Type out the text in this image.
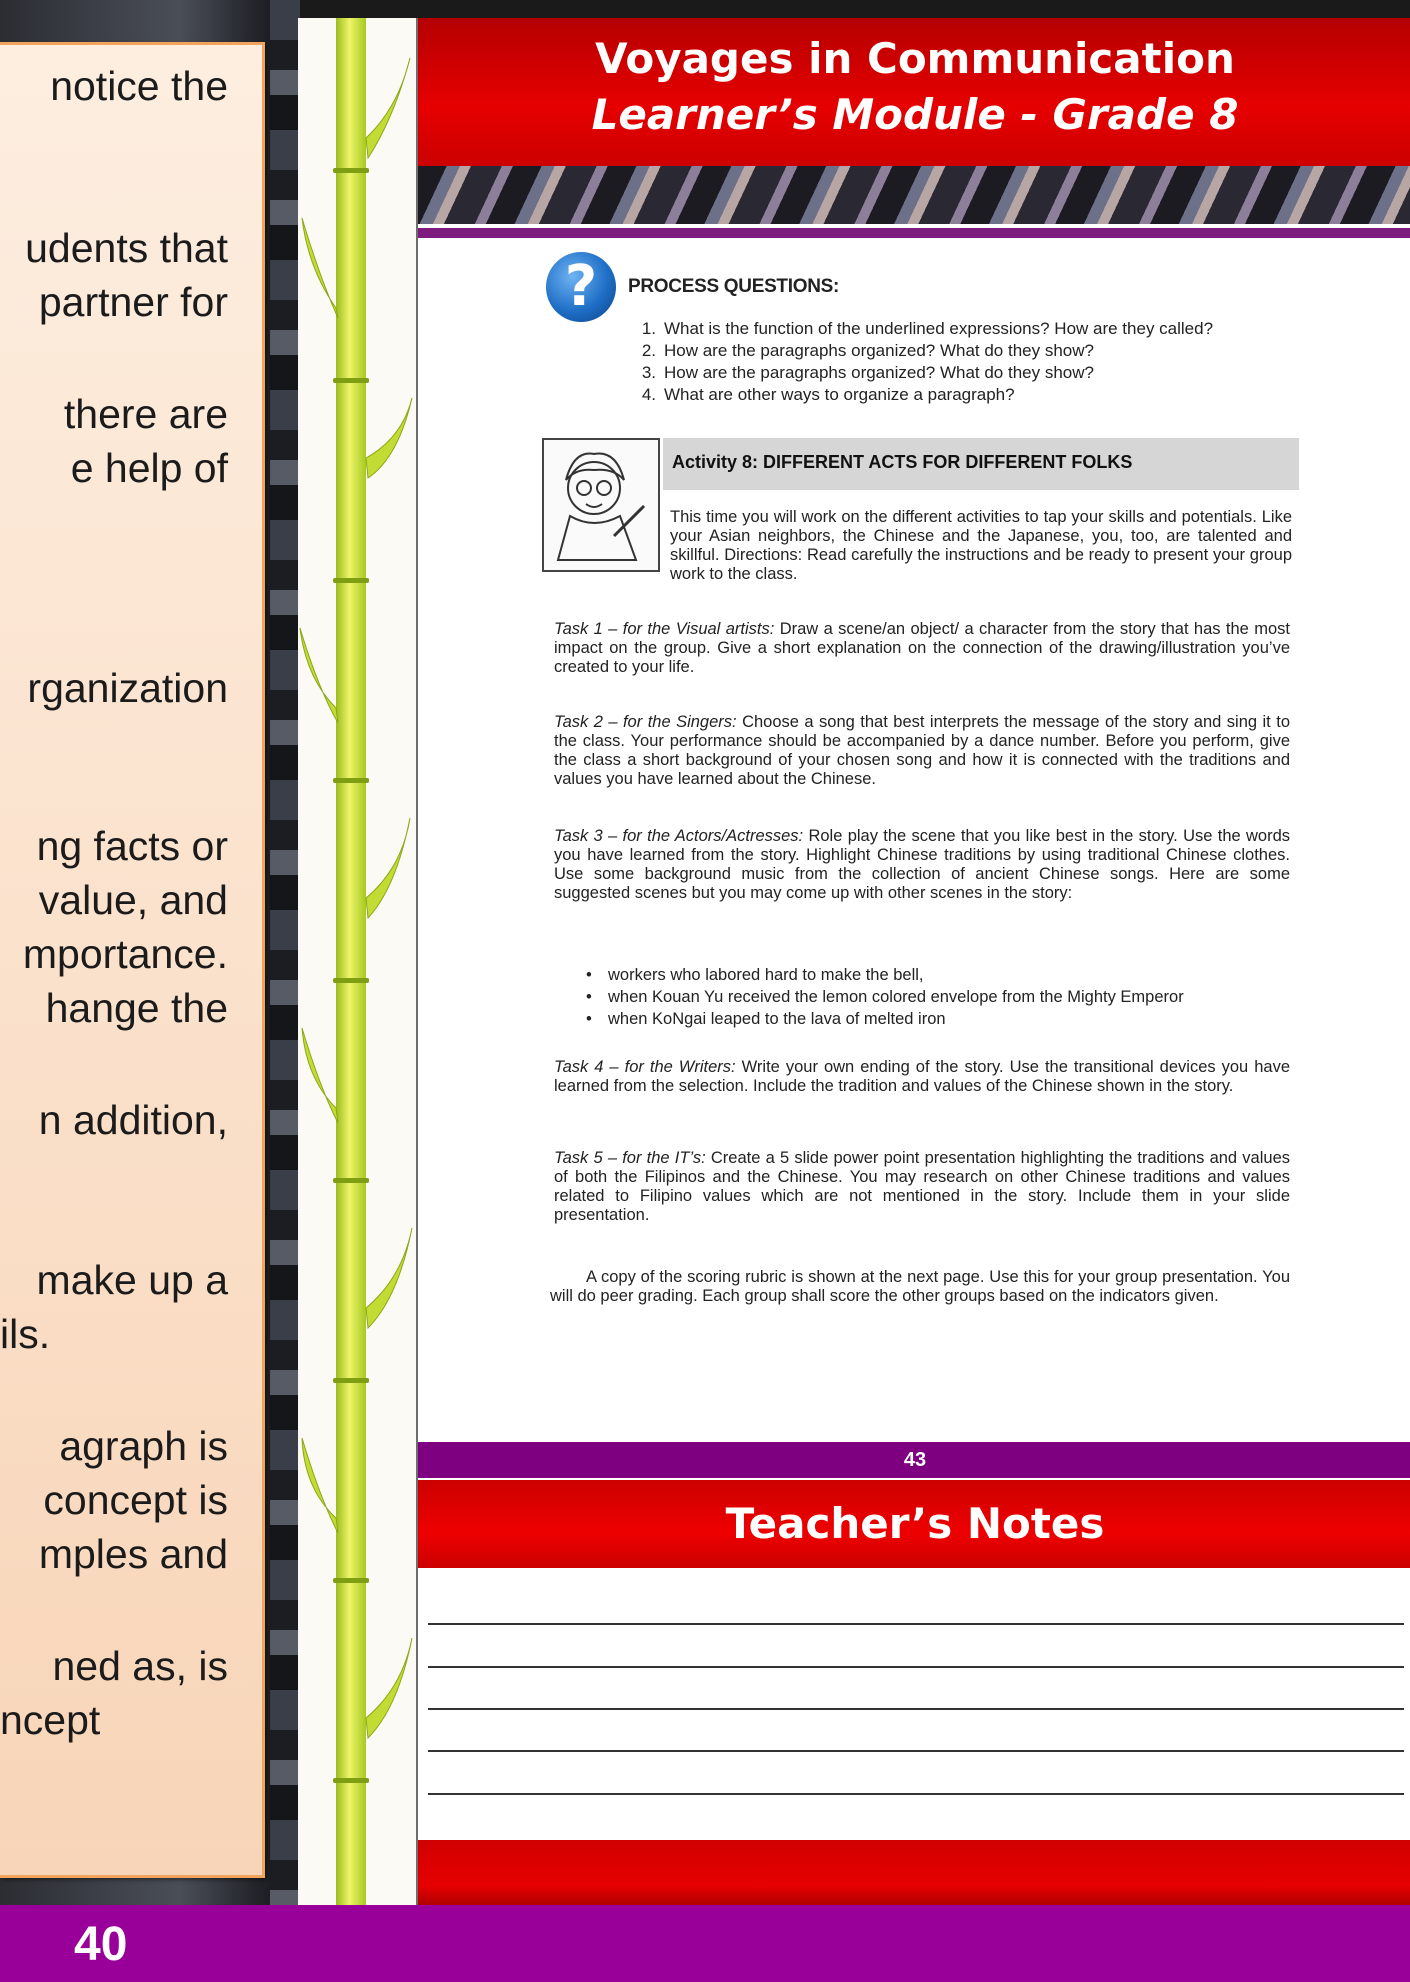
notice the
udents that
partner for
there are
e help of
rganization
ng facts or
value, and
mportance.
hange the
n addition,
make up a
ils.
agraph is
concept is
mples and
ned as, is
ncept
Voyages in Communication
Learner’s Module - Grade 8
?	PROCESS QUESTIONS:
1. What is the function of the underlined expressions? How are they called?
2. How are the paragraphs organized? What do they show?
3. How are the paragraphs organized? What do they show?
4. What are other ways to organize a paragraph?
Activity 8: DIFFERENT ACTS FOR DIFFERENT FOLKS
This time you will work on the different activities to tap your skills and potentials. Like your Asian neighbors, the Chinese and the Japanese, you, too, are talented and skillful. Directions: Read carefully the instructions and be ready to present your group work to the class.
Task 1 – for the Visual artists: Draw a scene/an object/ a character from the story that has the most impact on the group. Give a short explanation on the connection of the drawing/illustration you’ve created to your life.
Task 2 – for the Singers: Choose a song that best interprets the message of the story and sing it to the class. Your performance should be accompanied by a dance number. Before you perform, give the class a short background of your chosen song and how it is connected with the traditions and values you have learned about the Chinese.
Task 3 – for the Actors/Actresses: Role play the scene that you like best in the story. Use the words you have learned from the story. Highlight Chinese traditions by using traditional Chinese clothes. Use some background music from the collection of ancient Chinese songs. Here are some suggested scenes but you may come up with other scenes in the story:
• workers who labored hard to make the bell,
• when Kouan Yu received the lemon colored envelope from the Mighty Emperor
• when KoNgai leaped to the lava of melted iron
Task 4 – for the Writers: Write your own ending of the story. Use the transitional devices you have learned from the selection. Include the tradition and values of the Chinese shown in the story.
Task 5 – for the IT’s: Create a 5 slide power point presentation highlighting the traditions and values of both the Filipinos and the Chinese. You may research on other Chinese traditions and values related to Filipino values which are not mentioned in the story. Include them in your slide presentation.
A copy of the scoring rubric is shown at the next page. Use this for your group presentation. You will do peer grading. Each group shall score the other groups based on the indicators given.
43
Teacher’s Notes
40
